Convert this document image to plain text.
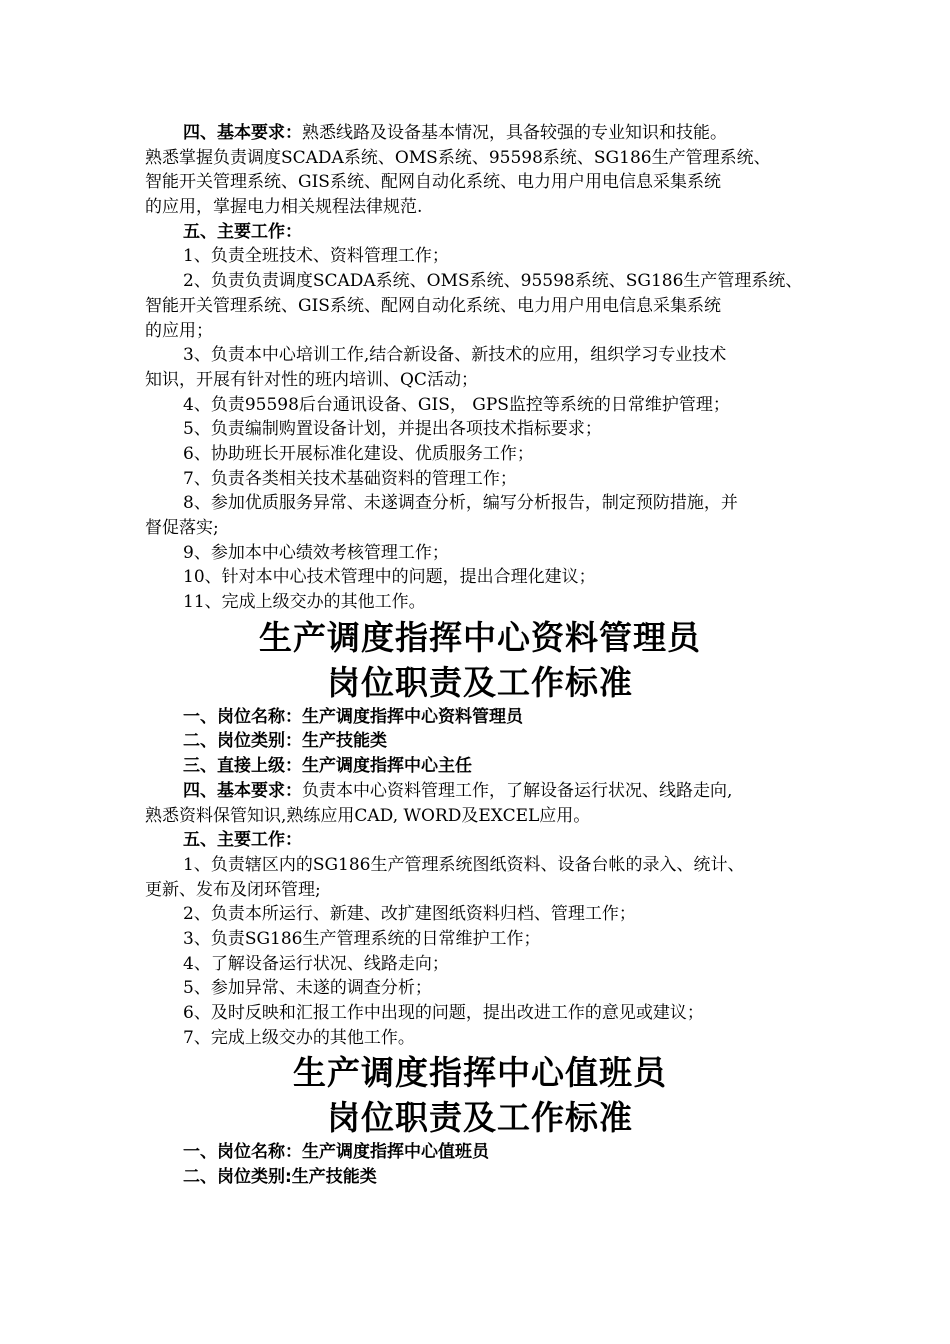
四、基本要求：熟悉线路及设备基本情况，具备较强的专业知识和技能。
熟悉掌握负责调度SCADA系统、OMS系统、95598系统、SG186生产管理系统、
智能开关管理系统、GIS系统、配网自动化系统、电力用户用电信息采集系统
的应用，掌握电力相关规程法律规范.
五、主要工作：
1、负责全班技术、资料管理工作；
2、负责负责调度SCADA系统、OMS系统、95598系统、SG186生产管理系统、
智能开关管理系统、GIS系统、配网自动化系统、电力用户用电信息采集系统
的应用；
3、负责本中心培训工作,结合新设备、新技术的应用，组织学习专业技术
知识，开展有针对性的班内培训、QC活动；
4、负责95598后台通讯设备、GIS， GPS监控等系统的日常维护管理；
5、负责编制购置设备计划，并提出各项技术指标要求；
6、协助班长开展标准化建设、优质服务工作；
7、负责各类相关技术基础资料的管理工作；
8、参加优质服务异常、未遂调查分析，编写分析报告，制定预防措施，并
督促落实;
9、参加本中心绩效考核管理工作；
10、针对本中心技术管理中的问题，提出合理化建议；
11、完成上级交办的其他工作。
生产调度指挥中心资料管理员
岗位职责及工作标准
一、岗位名称：生产调度指挥中心资料管理员
二、岗位类别：生产技能类
三、直接上级：生产调度指挥中心主任
四、基本要求：负责本中心资料管理工作，了解设备运行状况、线路走向,
熟悉资料保管知识,熟练应用CAD, WORD及EXCEL应用。
五、主要工作：
1、负责辖区内的SG186生产管理系统图纸资料、设备台帐的录入、统计、
更新、发布及闭环管理;
2、负责本所运行、新建、改扩建图纸资料归档、管理工作；
3、负责SG186生产管理系统的日常维护工作；
4、了解设备运行状况、线路走向；
5、参加异常、未遂的调查分析；
6、及时反映和汇报工作中出现的问题，提出改进工作的意见或建议；
7、完成上级交办的其他工作。
生产调度指挥中心值班员
岗位职责及工作标准
一、岗位名称：生产调度指挥中心值班员
二、岗位类别:生产技能类
